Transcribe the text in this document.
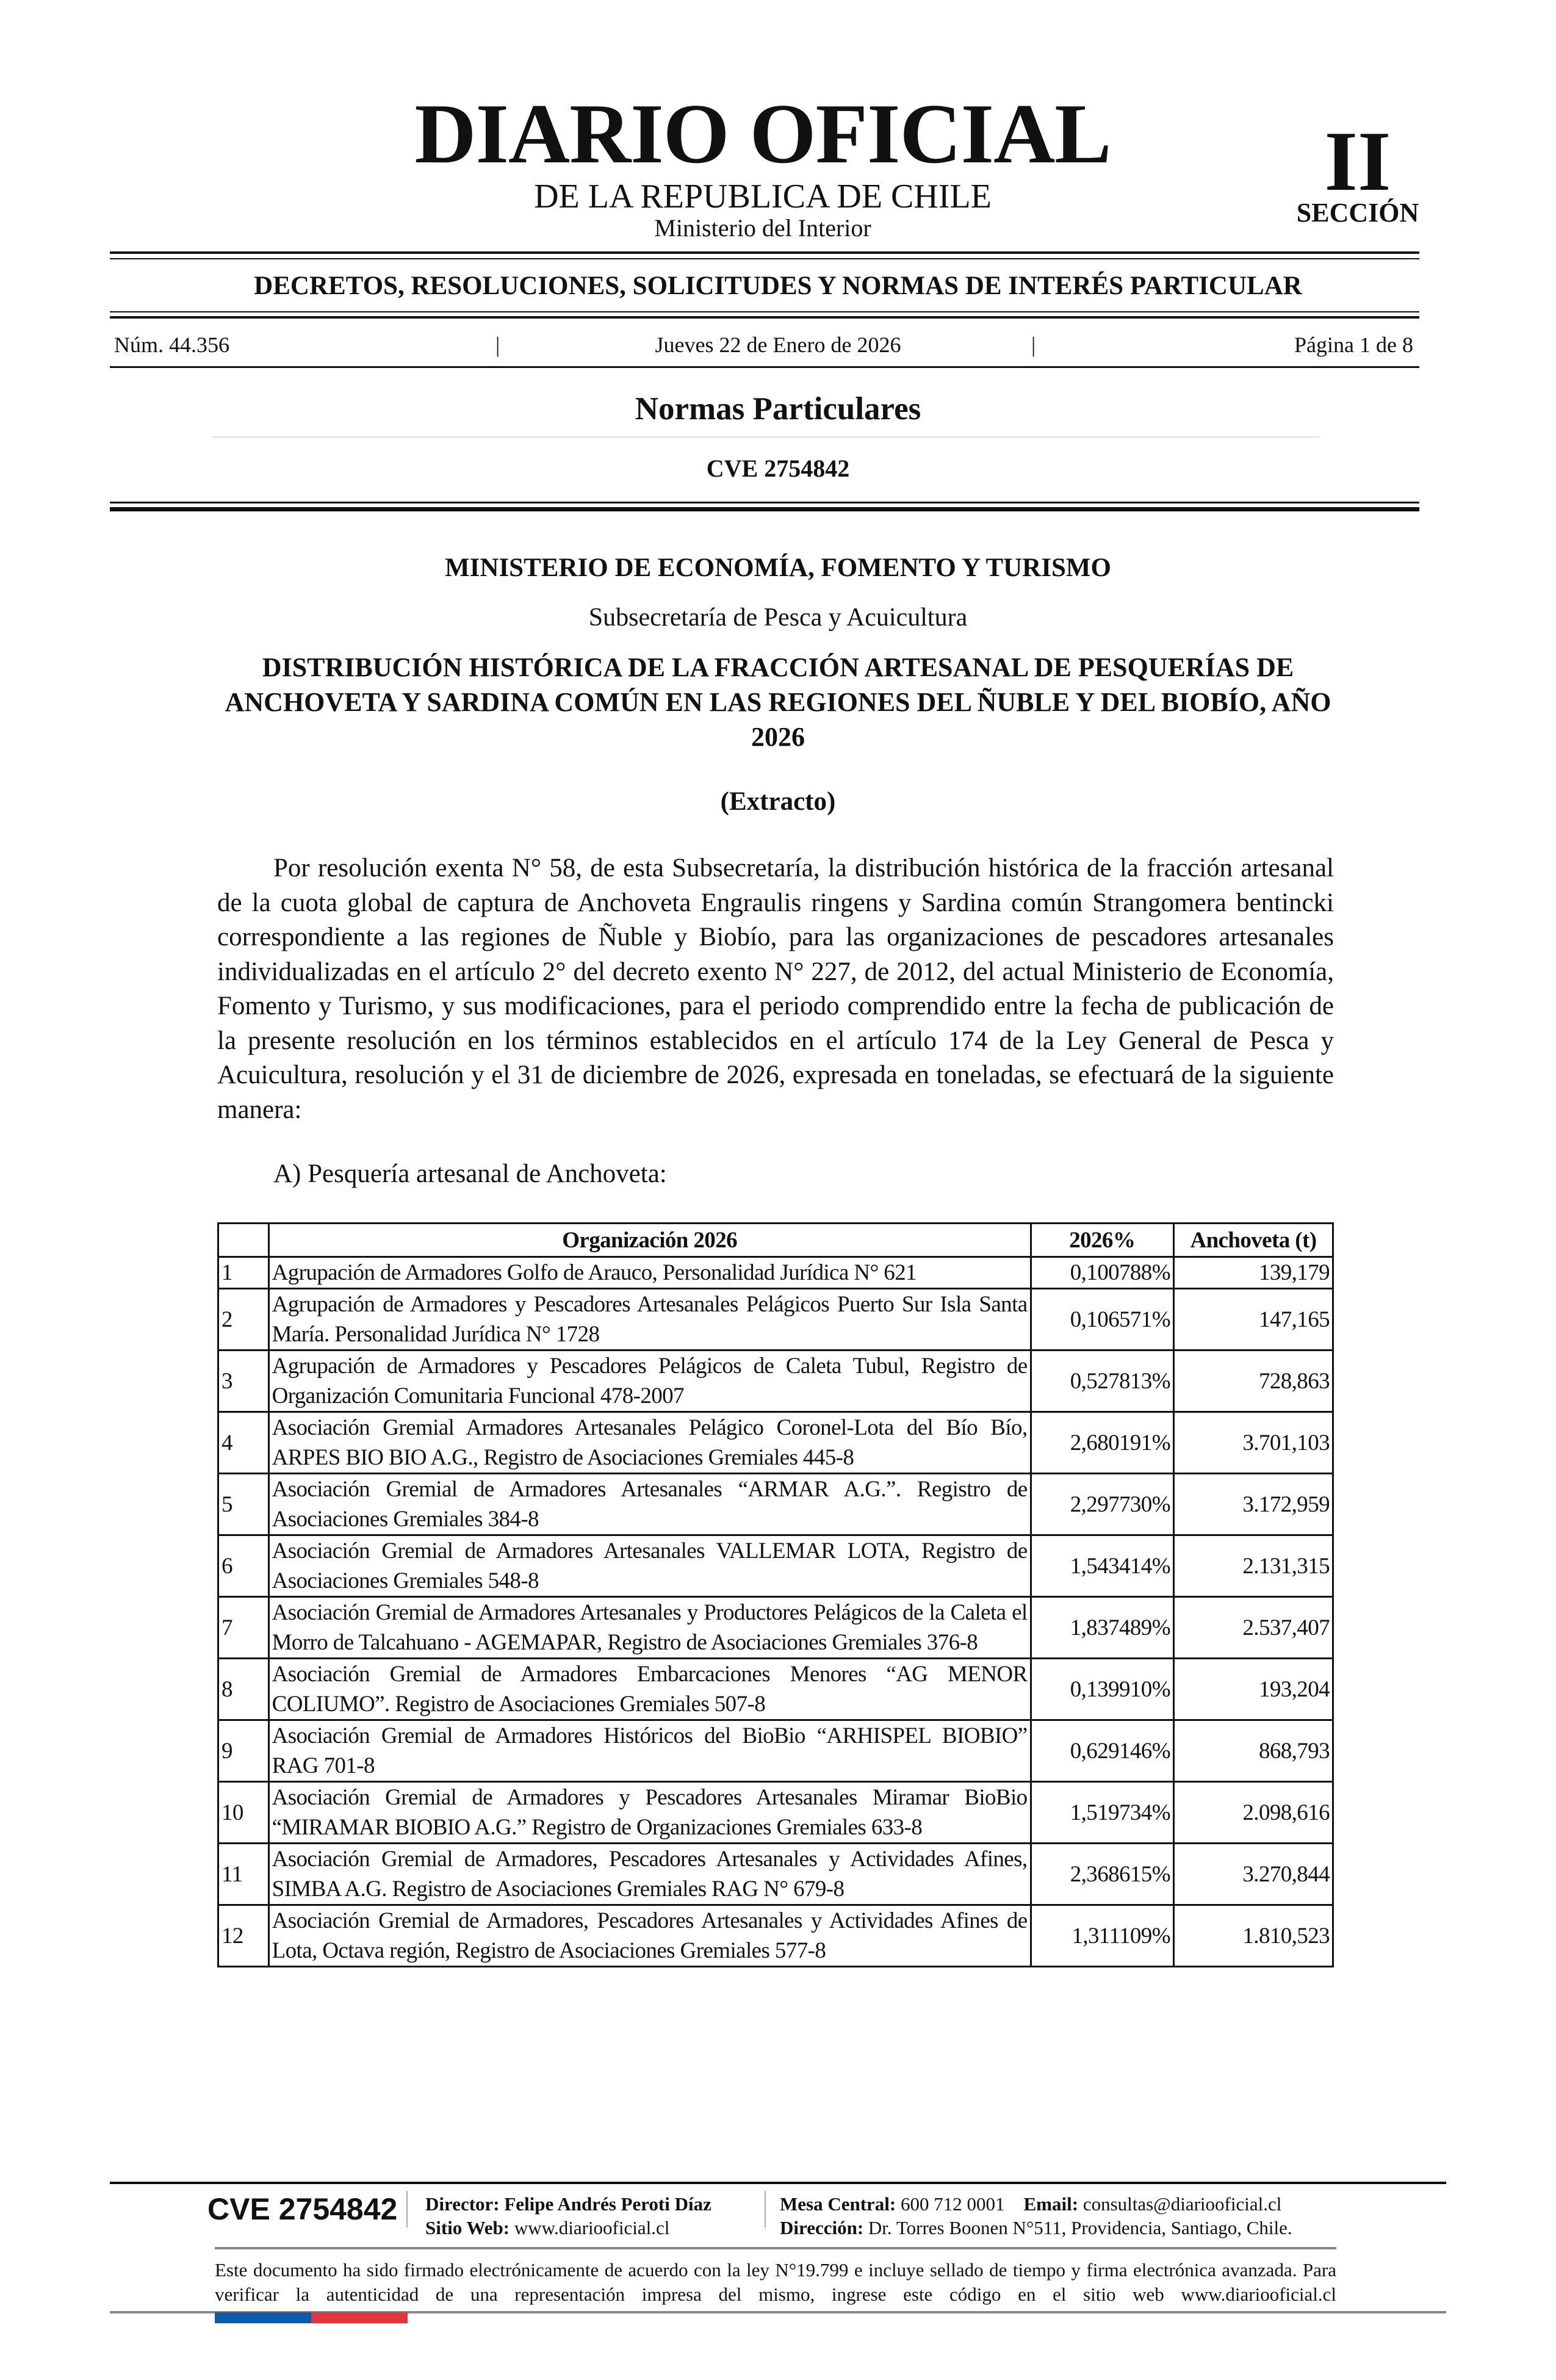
DIARIO OFICIAL
DE LA REPUBLICA DE CHILE
Ministerio del Interior
II
SECCIÓN
DECRETOS, RESOLUCIONES, SOLICITUDES Y NORMAS DE INTERÉS PARTICULAR
Núm. 44.356	|	Jueves 22 de Enero de 2026	|	Página 1 de 8
Normas Particulares
CVE 2754842
MINISTERIO DE ECONOMÍA, FOMENTO Y TURISMO
Subsecretaría de Pesca y Acuicultura
DISTRIBUCIÓN HISTÓRICA DE LA FRACCIÓN ARTESANAL DE PESQUERÍAS DE ANCHOVETA Y SARDINA COMÚN EN LAS REGIONES DEL ÑUBLE Y DEL BIOBÍO, AÑO 2026
(Extracto)
Por resolución exenta N° 58, de esta Subsecretaría, la distribución histórica de la fracción artesanal de la cuota global de captura de Anchoveta Engraulis ringens y Sardina común Strangomera bentincki correspondiente a las regiones de Ñuble y Biobío, para las organizaciones de pescadores artesanales individualizadas en el artículo 2° del decreto exento N° 227, de 2012, del actual Ministerio de Economía, Fomento y Turismo, y sus modificaciones, para el periodo comprendido entre la fecha de publicación de la presente resolución en los términos establecidos en el artículo 174 de la Ley General de Pesca y Acuicultura, resolución y el 31 de diciembre de 2026, expresada en toneladas, se efectuará de la siguiente manera:
A) Pesquería artesanal de Anchoveta:
	Organización 2026	2026%	Anchoveta (t)
1	Agrupación de Armadores Golfo de Arauco, Personalidad Jurídica N° 621	0,100788%	139,179
2	Agrupación de Armadores y Pescadores Artesanales Pelágicos Puerto Sur Isla Santa María. Personalidad Jurídica N° 1728	0,106571%	147,165
3	Agrupación de Armadores y Pescadores Pelágicos de Caleta Tubul, Registro de Organización Comunitaria Funcional 478-2007	0,527813%	728,863
4	Asociación Gremial Armadores Artesanales Pelágico Coronel-Lota del Bío Bío, ARPES BIO BIO A.G., Registro de Asociaciones Gremiales 445-8	2,680191%	3.701,103
5	Asociación Gremial de Armadores Artesanales “ARMAR A.G.”. Registro de Asociaciones Gremiales 384-8	2,297730%	3.172,959
6	Asociación Gremial de Armadores Artesanales VALLEMAR LOTA, Registro de Asociaciones Gremiales 548-8	1,543414%	2.131,315
7	Asociación Gremial de Armadores Artesanales y Productores Pelágicos de la Caleta el Morro de Talcahuano - AGEMAPAR, Registro de Asociaciones Gremiales 376-8	1,837489%	2.537,407
8	Asociación Gremial de Armadores Embarcaciones Menores “AG MENOR COLIUMO”. Registro de Asociaciones Gremiales 507-8	0,139910%	193,204
9	Asociación Gremial de Armadores Históricos del BioBio “ARHISPEL BIOBIO” RAG 701-8	0,629146%	868,793
10	Asociación Gremial de Armadores y Pescadores Artesanales Miramar BioBio “MIRAMAR BIOBIO A.G.” Registro de Organizaciones Gremiales 633-8	1,519734%	2.098,616
11	Asociación Gremial de Armadores, Pescadores Artesanales y Actividades Afines, SIMBA A.G. Registro de Asociaciones Gremiales RAG N° 679-8	2,368615%	3.270,844
12	Asociación Gremial de Armadores, Pescadores Artesanales y Actividades Afines de Lota, Octava región, Registro de Asociaciones Gremiales 577-8	1,311109%	1.810,523
CVE 2754842 Director: Felipe Andrés Peroti Díaz
Sitio Web: www.diariooficial.cl
Mesa Central: 600 712 0001 Email: consultas@diariooficial.cl
Dirección: Dr. Torres Boonen N°511, Providencia, Santiago, Chile.
Este documento ha sido firmado electrónicamente de acuerdo con la ley N°19.799 e incluye sellado de tiempo y firma electrónica avanzada. Para verificar la autenticidad de una representación impresa del mismo, ingrese este código en el sitio web www.diariooficial.cl
